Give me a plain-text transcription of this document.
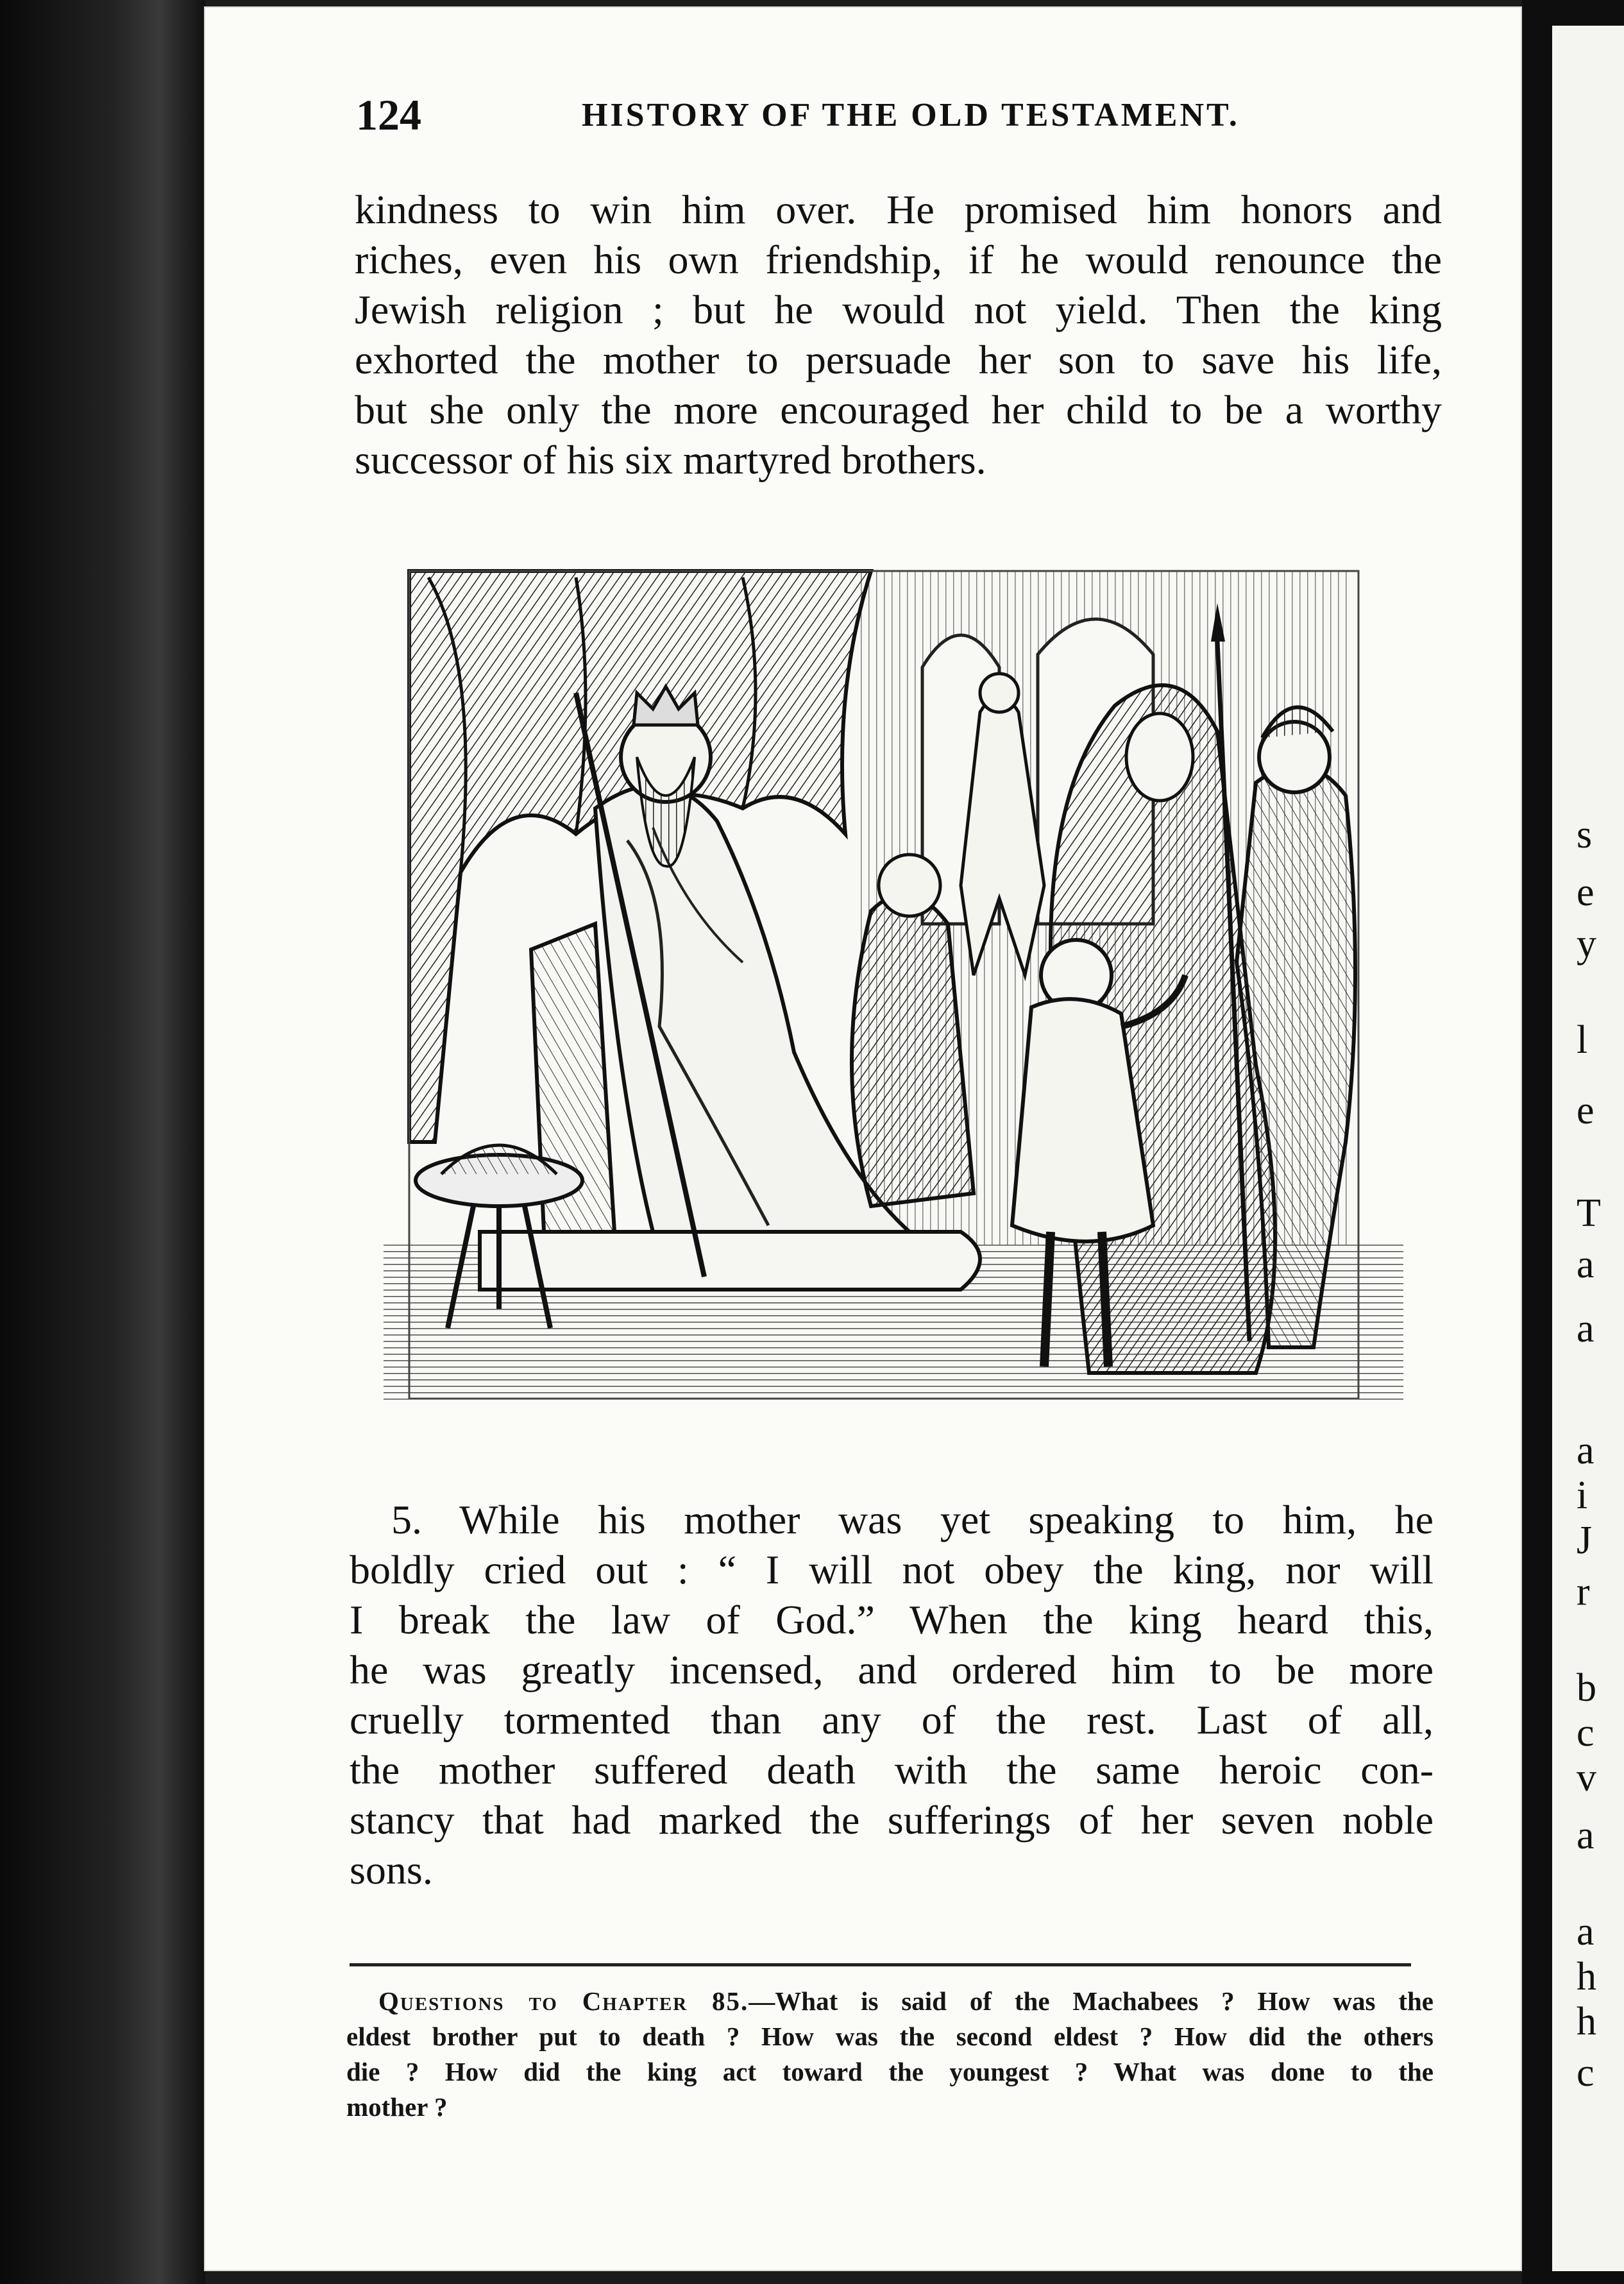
s
e
y
l
e
T
a
a
a
i
J
r
b
c
v
a
a
h
h
c
124	HISTORY OF THE OLD TESTAMENT.
kindness to win him over. He promised him honors and
riches, even his own friendship, if he would renounce the
Jewish religion ; but he would not yield. Then the king
exhorted the mother to persuade her son to save his life,
but she only the more encouraged her child to be a worthy
successor of his six martyred brothers.
5. While his mother was yet speaking to him, he
boldly cried out : “ I will not obey the king, nor will
I break the law of God.” When the king heard this,
he was greatly incensed, and ordered him to be more
cruelly tormented than any of the rest. Last of all,
the mother suffered death with the same heroic con-
stancy that had marked the sufferings of her seven noble
sons.
Questions to Chapter 85.—What is said of the Machabees ? How was the
eldest brother put to death ? How was the second eldest ? How did the others
die ? How did the king act toward the youngest ? What was done to the
mother ?
